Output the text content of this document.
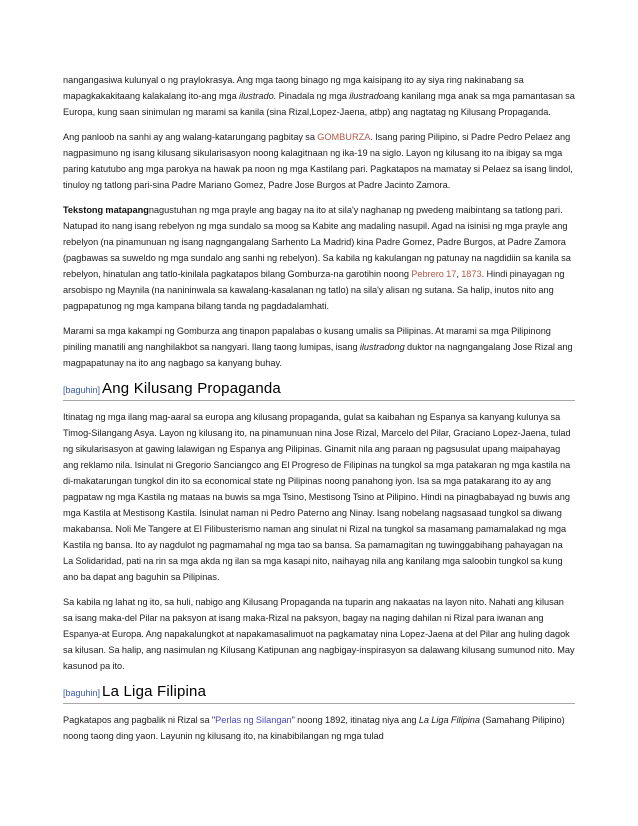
nangangasiwa kulunyal o ng praylokrasya. Ang mga taong binago ng mga kaisipang ito ay siya ring nakinabang sa mapagkakakitaang kalakalang ito-ang mga ilustrado. Pinadala ng mga ilustradoang kanilang mga anak sa mga pamantasan sa Europa, kung saan sinimulan ng marami sa kanila (sina Rizal,Lopez-Jaena, atbp) ang nagtatag ng Kilusang Propaganda.

Ang panloob na sanhi ay ang walang-katarungang pagbitay sa GOMBURZA. Isang paring Pilipino, si Padre Pedro Pelaez ang nagpasimuno ng isang kilusang sikularisasyon noong kalagitnaan ng ika-19 na siglo. Layon ng kilusang ito na ibigay sa mga paring katutubo ang mga parokya na hawak pa noon ng mga Kastilang pari. Pagkatapos na mamatay si Pelaez sa isang lindol, tinuloy ng tatlong pari-sina Padre Mariano Gomez, Padre Jose Burgos at Padre Jacinto Zamora.

Tekstong matapangnagustuhan ng mga prayle ang bagay na ito at sila'y naghanap ng pwedeng maibintang sa tatlong pari. Natupad ito nang isang rebelyon ng mga sundalo sa moog sa Kabite ang madaling nasupil. Agad na isinisi ng mga prayle ang rebelyon (na pinamunuan ng isang nagngangalang Sarhento La Madrid) kina Padre Gomez, Padre Burgos, at Padre Zamora (pagbawas sa suweldo ng mga sundalo ang sanhi ng rebelyon). Sa kabila ng kakulangan ng patunay na nagdidiin sa kanila sa rebelyon, hinatulan ang tatlo-kinilala pagkatapos bilang Gomburza-na garotihin noong Pebrero 17, 1873. Hindi pinayagan ng arsobispo ng Maynila (na nanininwala sa kawalang-kasalanan ng tatlo) na sila'y alisan ng sutana. Sa halip, inutos nito ang pagpapatunog ng mga kampana bilang tanda ng pagdadalamhati.

Marami sa mga kakampi ng Gomburza ang tinapon papalabas o kusang umalis sa Pilipinas. At marami sa mga Pilipinong piniling manatili ang nanghilakbot sa nangyari. Ilang taong lumipas, isang ilustradong duktor na nagngangalang Jose Rizal ang magpapatunay na ito ang nagbago sa kanyang buhay.

[baguhin] Ang Kilusang Propaganda

Itinatag ng mga ilang mag-aaral sa europa ang kilusang propaganda, gulat sa kaibahan ng Espanya sa kanyang kulunya sa Timog-Silangang Asya. Layon ng kilusang ito, na pinamunuan nina Jose Rizal, Marcelo del Pilar, Graciano Lopez-Jaena, tulad ng sikularisasyon at gawing lalawigan ng Espanya ang Pilipinas. Ginamit nila ang paraan ng pagsusulat upang maipahayag ang reklamo nila. Isinulat ni Gregorio Sanciangco ang El Progreso de Filipinas na tungkol sa mga patakaran ng mga kastila na di-makatarungan tungkol din ito sa economical state ng Pilipinas noong panahong iyon. Isa sa mga patakarang ito ay ang pagpataw ng mga Kastila ng mataas na buwis sa mga Tsino, Mestisong Tsino at Pilipino. Hindi na pinagbabayad ng buwis ang mga Kastila at Mestisong Kastila. Isinulat naman ni Pedro Paterno ang Ninay. Isang nobelang nagsasaad tungkol sa diwang makabansa. Noli Me Tangere at El Filibusterismo naman ang sinulat ni Rizal na tungkol sa masamang pamamalakad ng mga Kastila ng bansa. Ito ay nagdulot ng pagmamahal ng mga tao sa bansa. Sa pamamagitan ng tuwinggabihang pahayagan na La Solidaridad, pati na rin sa mga akda ng ilan sa mga kasapi nito, naihayag nila ang kanilang mga saloobin tungkol sa kung ano ba dapat ang baguhin sa Pilipinas.

Sa kabila ng lahat ng ito, sa huli, nabigo ang Kilusang Propaganda na tuparin ang nakaatas na layon nito. Nahati ang kilusan sa isang maka-del Pilar na paksyon at isang maka-Rizal na paksyon, bagay na naging dahilan ni Rizal para iwanan ang Espanya-at Europa. Ang napakalungkot at napakamasalimuot na pagkamatay nina Lopez-Jaena at del Pilar ang huling dagok sa kilusan. Sa halip, ang nasimulan ng Kilusang Katipunan ang nagbigay-inspirasyon sa dalawang kilusang sumunod nito. May kasunod pa ito.

[baguhin] La Liga Filipina

Pagkatapos ang pagbalik ni Rizal sa "Perlas ng Silangan" noong 1892, itinatag niya ang La Liga Filipina (Samahang Pilipino) noong taong ding yaon. Layunin ng kilusang ito, na kinabibilangan ng mga tulad
